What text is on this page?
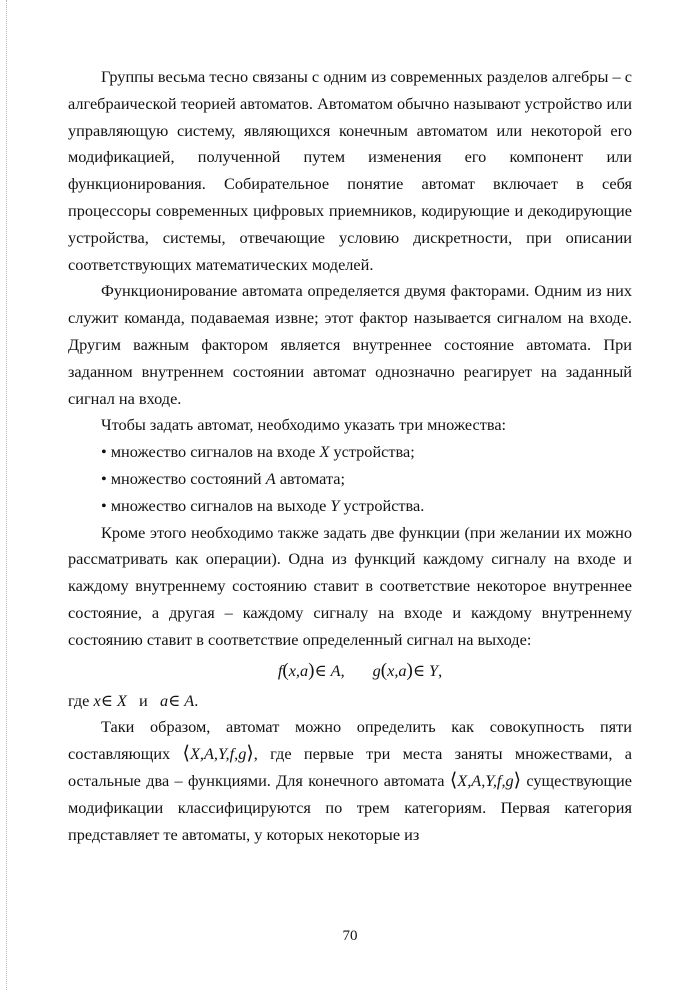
Группы весьма тесно связаны с одним из современных разделов алгебры – с алгебраической теорией автоматов. Автоматом обычно называют устройство или управляющую систему, являющихся конечным автоматом или некоторой его модификацией, полученной путем изменения его компонент или функционирования. Собирательное понятие автомат включает в себя процессоры современных цифровых приемников, кодирующие и декодирующие устройства, системы, отвечающие условию дискретности, при описании соответствующих математических моделей.

Функционирование автомата определяется двумя факторами. Одним из них служит команда, подаваемая извне; этот фактор называется сигналом на входе. Другим важным фактором является внутреннее состояние автомата. При заданном внутреннем состоянии автомат однозначно реагирует на заданный сигнал на входе.

Чтобы задать автомат, необходимо указать три множества:

• множество сигналов на входе X устройства;

• множество состояний A автомата;

• множество сигналов на выходе Y устройства.

Кроме этого необходимо также задать две функции (при желании их можно рассматривать как операции). Одна из функций каждому сигналу на входе и каждому внутреннему состоянию ставит в соответствие некоторое внутреннее состояние, а другая – каждому сигналу на входе и каждому внутреннему состоянию ставит в соответствие определенный сигнал на выходе:

f(x,a)∈ A, g(x,a)∈ Y,

где x∈ X и a∈ A.

Таки образом, автомат можно определить как совокупность пяти составляющих ⟨X,A,Y,f,g⟩, где первые три места заняты множествами, а остальные два – функциями. Для конечного автомата ⟨X,A,Y,f,g⟩ существующие модификации классифицируются по трем категориям. Первая категория представляет те автоматы, у которых некоторые из

70
